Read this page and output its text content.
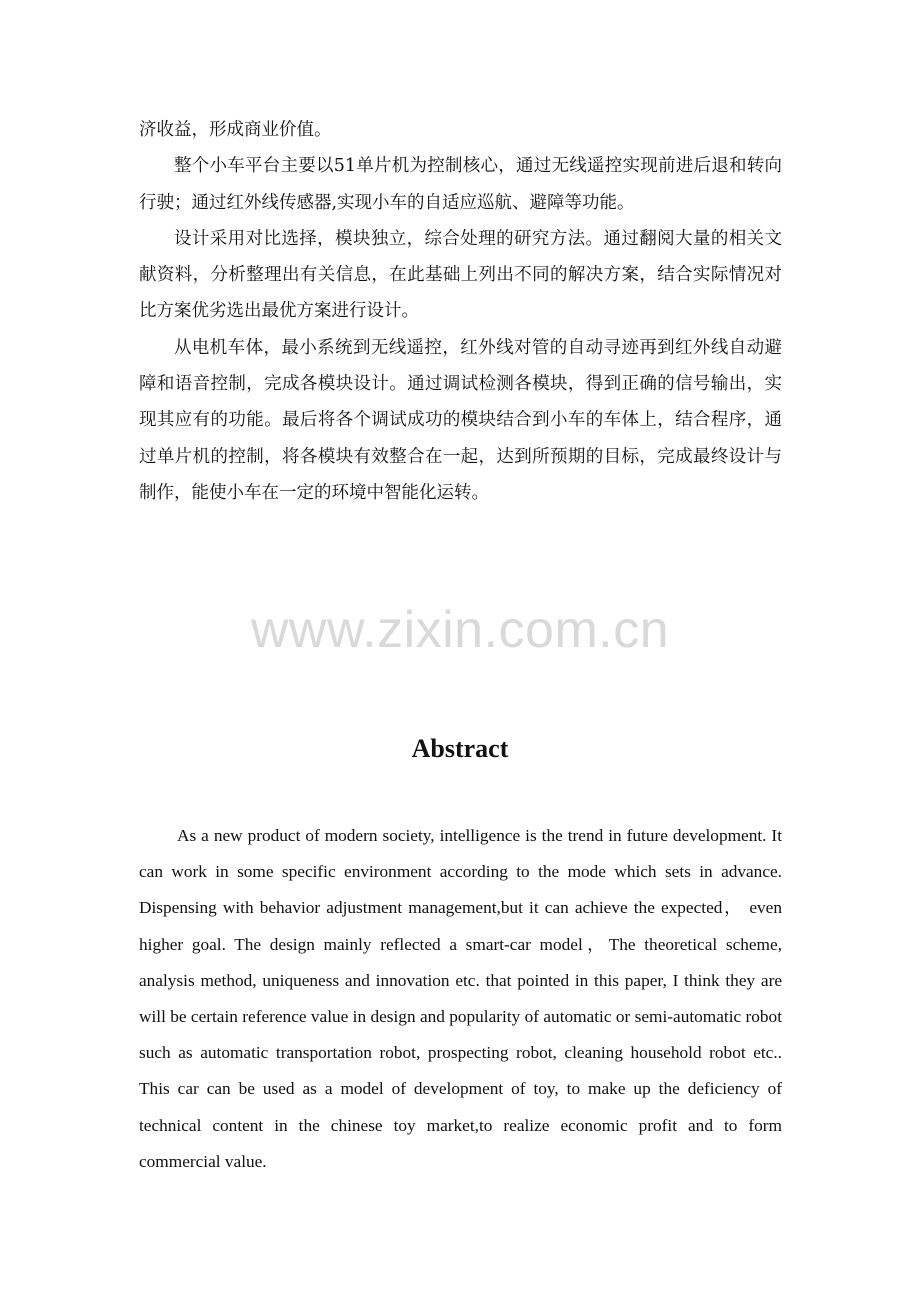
济收益，形成商业价值。

整个小车平台主要以51单片机为控制核心，通过无线遥控实现前进后退和转向行驶；通过红外线传感器,实现小车的自适应巡航、避障等功能。

设计采用对比选择，模块独立，综合处理的研究方法。通过翻阅大量的相关文献资料，分析整理出有关信息，在此基础上列出不同的解决方案，结合实际情况对比方案优劣选出最优方案进行设计。

从电机车体，最小系统到无线遥控，红外线对管的自动寻迹再到红外线自动避障和语音控制，完成各模块设计。通过调试检测各模块，得到正确的信号输出，实现其应有的功能。最后将各个调试成功的模块结合到小车的车体上，结合程序，通过单片机的控制，将各模块有效整合在一起，达到所预期的目标，完成最终设计与制作，能使小车在一定的环境中智能化运转。

www.zixin.com.cn
Abstract

As a new product of modern society, intelligence is the trend in future development. It can work in some specific environment according to the mode which sets in advance. Dispensing with behavior adjustment management,but it can achieve the expected， even higher goal. The design mainly reflected a smart-car model，The theoretical scheme, analysis method, uniqueness and innovation etc. that pointed in this paper, I think they are will be certain reference value in design and popularity of automatic or semi-automatic robot such as automatic transportation robot, prospecting robot, cleaning household robot etc.. This car can be used as a model of development of toy, to make up the deficiency of technical content in the chinese toy market,to realize economic profit and to form commercial value.
